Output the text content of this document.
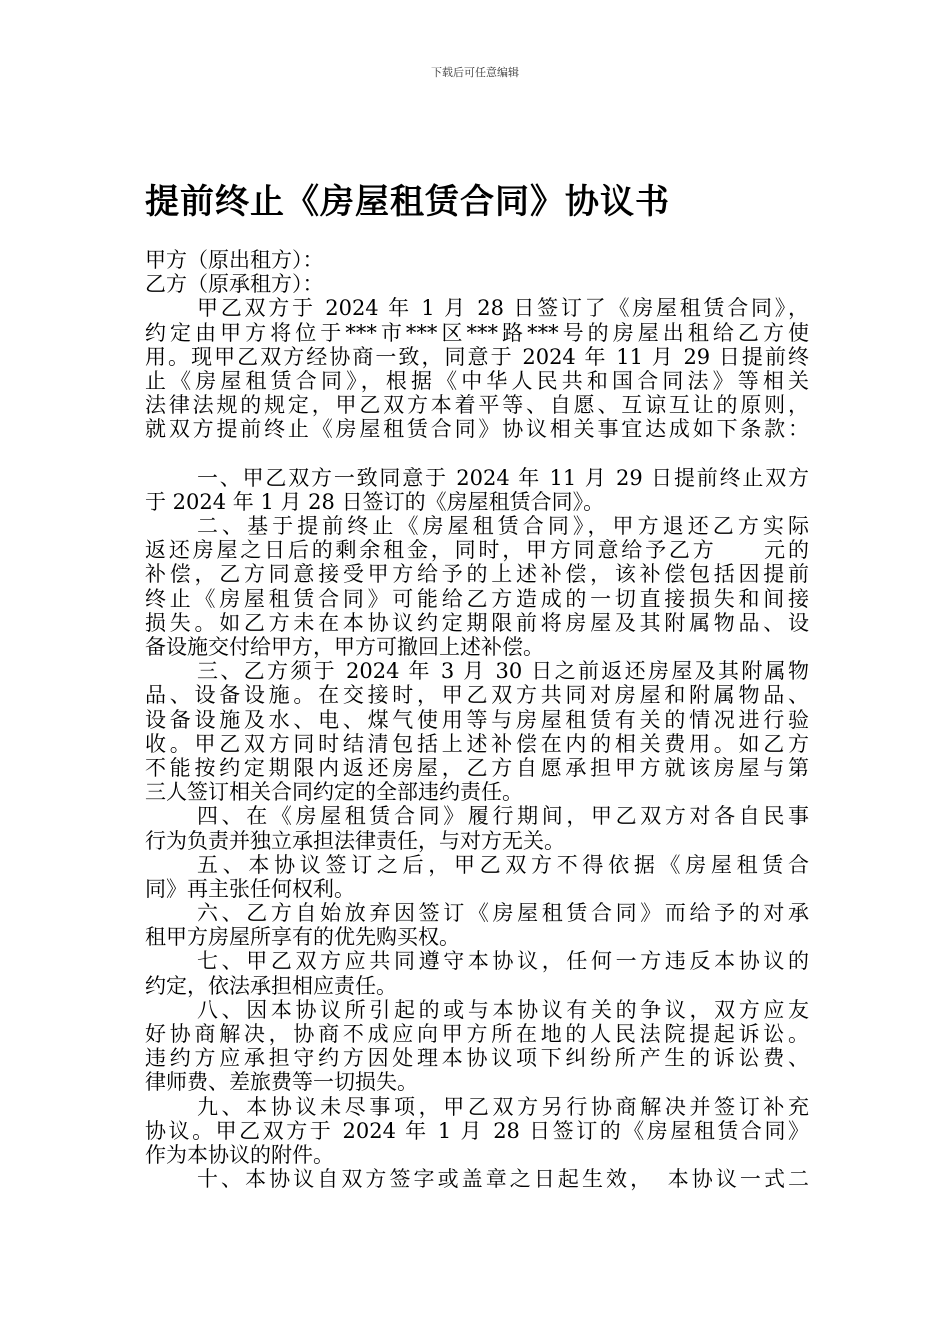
下载后可任意编辑
提前终止《房屋租赁合同》协议书
甲方（原出租方）：
乙方（原承租方）：
甲乙双方于 2024 年 1 月 28 日签订了《房屋租赁合同》，
约定由甲方将位于***市***区***路***号的房屋出租给乙方使
用。现甲乙双方经协商一致，同意于 2024 年 11 月 29 日提前终
止《房屋租赁合同》，根据《中华人民共和国合同法》等相关
法律法规的规定，甲乙双方本着平等、自愿、互谅互让的原则，
就双方提前终止《房屋租赁合同》协议相关事宜达成如下条款：
一、甲乙双方一致同意于 2024 年 11 月 29 日提前终止双方
于 2024 年 1 月 28 日签订的《房屋租赁合同》。
二、基于提前终止《房屋租赁合同》，甲方退还乙方实际
返还房屋之日后的剩余租金，同时，甲方同意给予乙方　　元的
补偿，乙方同意接受甲方给予的上述补偿，该补偿包括因提前
终止《房屋租赁合同》可能给乙方造成的一切直接损失和间接
损失。如乙方未在本协议约定期限前将房屋及其附属物品、设
备设施交付给甲方，甲方可撤回上述补偿。
三、乙方须于 2024 年 3 月 30 日之前返还房屋及其附属物
品、设备设施。在交接时，甲乙双方共同对房屋和附属物品、
设备设施及水、电、煤气使用等与房屋租赁有关的情况进行验
收。甲乙双方同时结清包括上述补偿在内的相关费用。如乙方
不能按约定期限内返还房屋，乙方自愿承担甲方就该房屋与第
三人签订相关合同约定的全部违约责任。
四、在《房屋租赁合同》履行期间，甲乙双方对各自民事
行为负责并独立承担法律责任，与对方无关。
五、本协议签订之后，甲乙双方不得依据《房屋租赁合
同》再主张任何权利。
六、乙方自始放弃因签订《房屋租赁合同》而给予的对承
租甲方房屋所享有的优先购买权。
七、甲乙双方应共同遵守本协议，任何一方违反本协议的
约定，依法承担相应责任。
八、因本协议所引起的或与本协议有关的争议，双方应友
好协商解决，协商不成应向甲方所在地的人民法院提起诉讼。
违约方应承担守约方因处理本协议项下纠纷所产生的诉讼费、
律师费、差旅费等一切损失。
九、本协议未尽事项，甲乙双方另行协商解决并签订补充
协议。甲乙双方于 2024 年 1 月 28 日签订的《房屋租赁合同》
作为本协议的附件。
十、本协议自双方签字或盖章之日起生效，　本协议一式二
